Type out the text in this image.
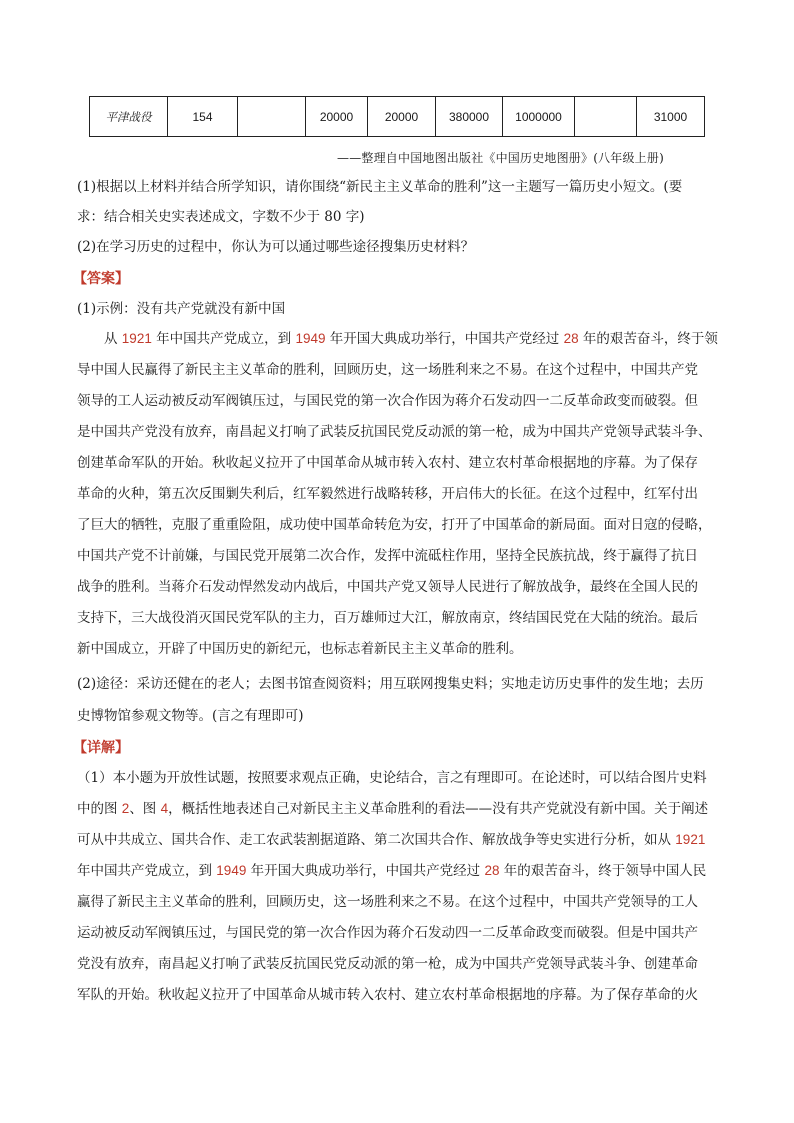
平津战役	154		20000	20000	380000	1000000		31000
——整理自中国地图出版社《中国历史地图册》(八年级上册)
(1)根据以上材料并结合所学知识，请你围绕“新民主主义革命的胜利”这一主题写一篇历史小短文。(要
求：结合相关史实表述成文，字数不少于 80 字)
(2)在学习历史的过程中，你认为可以通过哪些途径搜集历史材料？
【答案】
(1)示例：没有共产党就没有新中国
　　从 1921 年中国共产党成立，到 1949 年开国大典成功举行，中国共产党经过 28 年的艰苦奋斗，终于领
导中国人民赢得了新民主主义革命的胜利，回顾历史，这一场胜利来之不易。在这个过程中，中国共产党
领导的工人运动被反动军阀镇压过，与国民党的第一次合作因为蒋介石发动四一二反革命政变而破裂。但
是中国共产党没有放弃，南昌起义打响了武装反抗国民党反动派的第一枪，成为中国共产党领导武装斗争、
创建革命军队的开始。秋收起义拉开了中国革命从城市转入农村、建立农村革命根据地的序幕。为了保存
革命的火种，第五次反围剿失利后，红军毅然进行战略转移，开启伟大的长征。在这个过程中，红军付出
了巨大的牺牲，克服了重重险阻，成功使中国革命转危为安，打开了中国革命的新局面。面对日寇的侵略，
中国共产党不计前嫌，与国民党开展第二次合作，发挥中流砥柱作用，坚持全民族抗战，终于赢得了抗日
战争的胜利。当蒋介石发动悍然发动内战后，中国共产党又领导人民进行了解放战争，最终在全国人民的
支持下，三大战役消灭国民党军队的主力，百万雄师过大江，解放南京，终结国民党在大陆的统治。最后
新中国成立，开辟了中国历史的新纪元，也标志着新民主主义革命的胜利。
(2)途径：采访还健在的老人；去图书馆查阅资料；用互联网搜集史料；实地走访历史事件的发生地；去历
史博物馆参观文物等。(言之有理即可)
【详解】
（1）本小题为开放性试题，按照要求观点正确，史论结合，言之有理即可。在论述时，可以结合图片史料
中的图 2、图 4，概括性地表述自己对新民主主义革命胜利的看法——没有共产党就没有新中国。关于阐述
可从中共成立、国共合作、走工农武装割据道路、第二次国共合作、解放战争等史实进行分析，如从 1921
年中国共产党成立，到 1949 年开国大典成功举行，中国共产党经过 28 年的艰苦奋斗，终于领导中国人民
赢得了新民主主义革命的胜利，回顾历史，这一场胜利来之不易。在这个过程中，中国共产党领导的工人
运动被反动军阀镇压过，与国民党的第一次合作因为蒋介石发动四一二反革命政变而破裂。但是中国共产
党没有放弃，南昌起义打响了武装反抗国民党反动派的第一枪，成为中国共产党领导武装斗争、创建革命
军队的开始。秋收起义拉开了中国革命从城市转入农村、建立农村革命根据地的序幕。为了保存革命的火
